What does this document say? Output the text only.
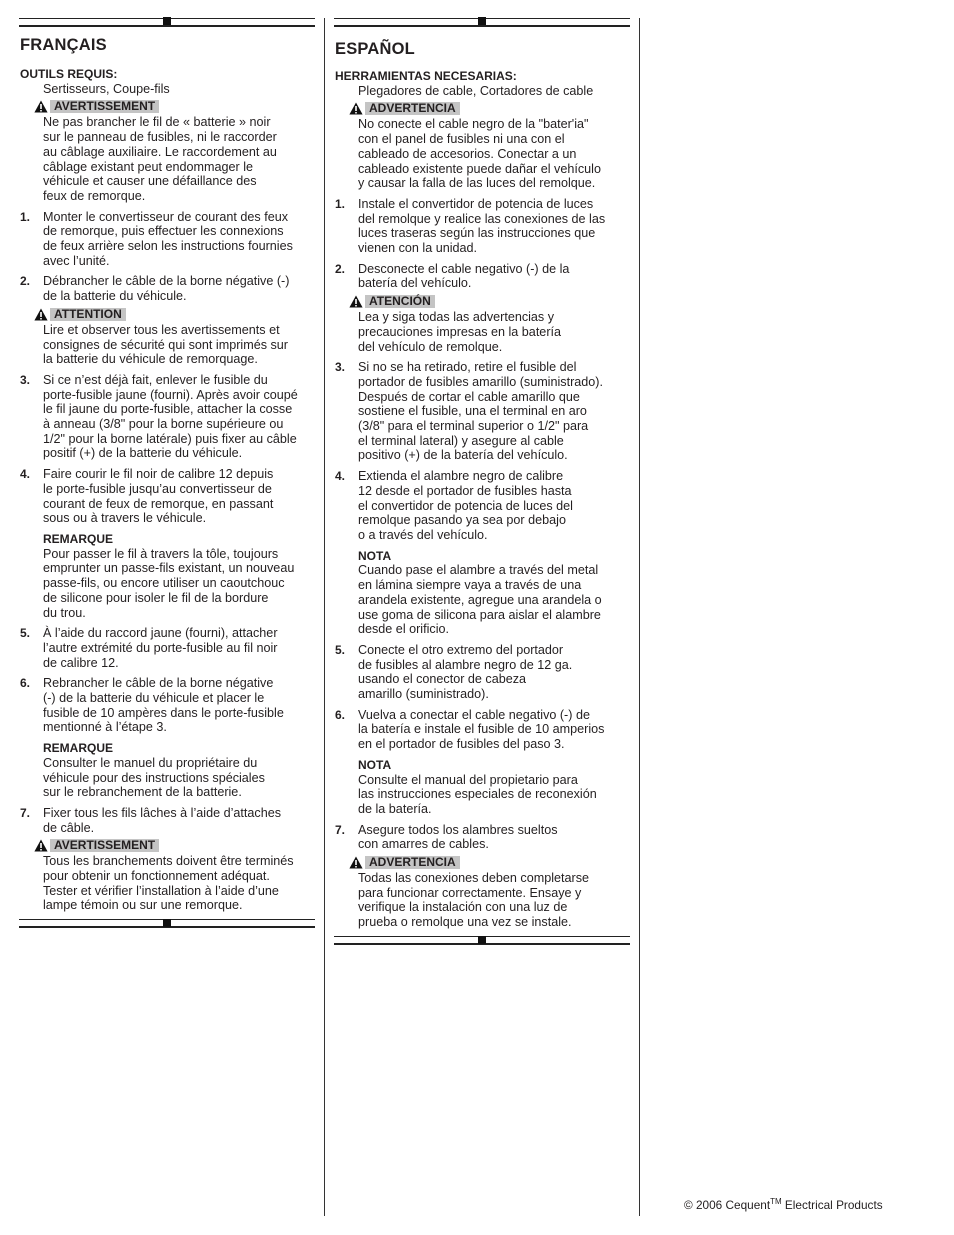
FRANÇAIS
OUTILS REQUIS:
Sertisseurs, Coupe-fils
AVERTISSEMENT
Ne pas brancher le fil de « batterie » noir
sur le panneau de fusibles, ni le raccorder
au câblage auxiliaire. Le raccordement au
câblage existant peut endommager le
véhicule et causer une défaillance des
feux de remorque.
1.	Monter le convertisseur de courant des feux
de remorque, puis effectuer les connexions
de feux arrière selon les instructions fournies
avec l’unité.
2.	Débrancher le câble de la borne négative (-)
de la batterie du véhicule.
ATTENTION
Lire et observer tous les avertissements et
consignes de sécurité qui sont imprimés sur
la batterie du véhicule de remorquage.
3.	Si ce n’est déjà fait, enlever le fusible du
porte-fusible jaune (fourni). Après avoir coupé
le fil jaune du porte-fusible, attacher la cosse
à anneau (3/8" pour la borne supérieure ou
1/2" pour la borne latérale) puis fixer au câble
positif (+) de la batterie du véhicule.
4.	Faire courir le fil noir de calibre 12 depuis
le porte-fusible jusqu’au convertisseur de
courant de feux de remorque, en passant
sous ou à travers le véhicule.
REMARQUE
Pour passer le fil à travers la tôle, toujours
emprunter un passe-fils existant, un nouveau
passe-fils, ou encore utiliser un caoutchouc
de silicone pour isoler le fil de la bordure
du trou.
5.	À l’aide du raccord jaune (fourni), attacher
l’autre extrémité du porte-fusible au fil noir
de calibre 12.
6.	Rebrancher le câble de la borne négative
(-) de la batterie du véhicule et placer le
fusible de 10 ampères dans le porte-fusible
mentionné à l’étape 3.
REMARQUE
Consulter le manuel du propriétaire du
véhicule pour des instructions spéciales
sur le rebranchement de la batterie.
7.	Fixer tous les fils lâches à l’aide d’attaches
de câble.
AVERTISSEMENT
Tous les branchements doivent être terminés
pour obtenir un fonctionnement adéquat.
Tester et vérifier l’installation à l’aide d’une
lampe témoin ou sur une remorque.
ESPAÑOL
HERRAMIENTAS NECESARIAS:
Plegadores de cable, Cortadores de cable
ADVERTENCIA
No conecte el cable negro de la "bater'ia"
con el panel de fusibles ni una con el
cableado de accesorios. Conectar a un
cableado existente puede dañar el vehículo
y causar la falla de las luces del remolque.
1.	Instale el convertidor de potencia de luces
del remolque y realice las conexiones de las
luces traseras según las instrucciones que
vienen con la unidad.
2.	Desconecte el cable negativo (-) de la
batería del vehículo.
ATENCIÓN
Lea y siga todas las advertencias y
precauciones impresas en la batería
del vehículo de remolque.
3.	Si no se ha retirado, retire el fusible del
portador de fusibles amarillo (suministrado).
Después de cortar el cable amarillo que
sostiene el fusible, una el terminal en aro
(3/8" para el terminal superior o 1/2" para
el terminal lateral) y asegure al cable
positivo (+) de la batería del vehículo.
4.	Extienda el alambre negro de calibre
12 desde el portador de fusibles hasta
el convertidor de potencia de luces del
remolque pasando ya sea por debajo
o a través del vehículo.
NOTA
Cuando pase el alambre a través del metal
en lámina siempre vaya a través de una
arandela existente, agregue una arandela o
use goma de silicona para aislar el alambre
desde el orificio.
5.	Conecte el otro extremo del portador
de fusibles al alambre negro de 12 ga.
usando el conector de cabeza
amarillo (suministrado).
6.	Vuelva a conectar el cable negativo (-) de
la batería e instale el fusible de 10 amperios
en el portador de fusibles del paso 3.
NOTA
Consulte el manual del propietario para
las instrucciones especiales de reconexión
de la batería.
7.	Asegure todos los alambres sueltos
con amarres de cables.
ADVERTENCIA
Todas las conexiones deben completarse
para funcionar correctamente. Ensaye y
verifique la instalación con una luz de
prueba o remolque una vez se instale.
© 2006 Cequent™ Electrical Products
